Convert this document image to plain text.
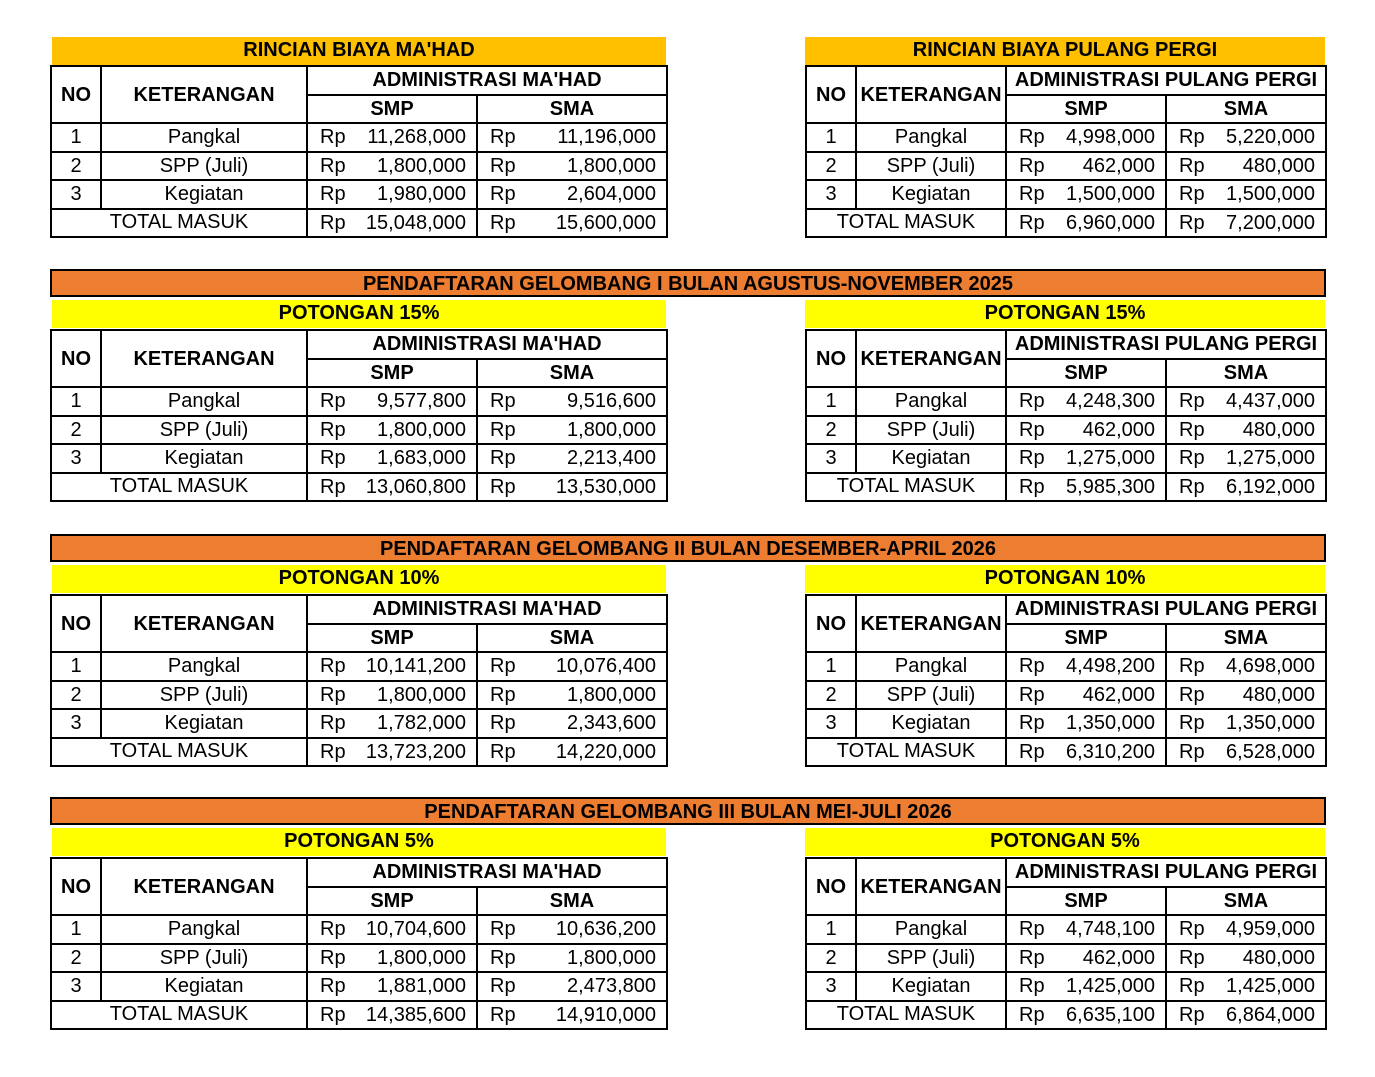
RINCIAN BIAYA MA'HAD
NO	KETERANGAN	ADMINISTRASI MA'HAD			
		SMP		SMA	
1	Pangkal	Rp	11,268,000	Rp	11,196,000
2	SPP (Juli)	Rp	1,800,000	Rp	1,800,000
3	Kegiatan	Rp	1,980,000	Rp	2,604,000
TOTAL MASUK		Rp	15,048,000	Rp	15,600,000
RINCIAN BIAYA PULANG PERGI
NO	KETERANGAN	ADMINISTRASI PULANG PERGI			
		SMP		SMA	
1	Pangkal	Rp	4,998,000	Rp	5,220,000
2	SPP (Juli)	Rp	462,000	Rp	480,000
3	Kegiatan	Rp	1,500,000	Rp	1,500,000
TOTAL MASUK		Rp	6,960,000	Rp	7,200,000
PENDAFTARAN GELOMBANG I BULAN AGUSTUS-NOVEMBER 2025
POTONGAN 15%	POTONGAN 15%
NO	KETERANGAN	ADMINISTRASI MA'HAD			
		SMP		SMA	
1	Pangkal	Rp	9,577,800	Rp	9,516,600
2	SPP (Juli)	Rp	1,800,000	Rp	1,800,000
3	Kegiatan	Rp	1,683,000	Rp	2,213,400
TOTAL MASUK		Rp	13,060,800	Rp	13,530,000
NO	KETERANGAN	ADMINISTRASI PULANG PERGI			
		SMP		SMA	
1	Pangkal	Rp	4,248,300	Rp	4,437,000
2	SPP (Juli)	Rp	462,000	Rp	480,000
3	Kegiatan	Rp	1,275,000	Rp	1,275,000
TOTAL MASUK		Rp	5,985,300	Rp	6,192,000
PENDAFTARAN GELOMBANG II BULAN DESEMBER-APRIL 2026
POTONGAN 10%	POTONGAN 10%
NO	KETERANGAN	ADMINISTRASI MA'HAD			
		SMP		SMA	
1	Pangkal	Rp	10,141,200	Rp	10,076,400
2	SPP (Juli)	Rp	1,800,000	Rp	1,800,000
3	Kegiatan	Rp	1,782,000	Rp	2,343,600
TOTAL MASUK		Rp	13,723,200	Rp	14,220,000
NO	KETERANGAN	ADMINISTRASI PULANG PERGI			
		SMP		SMA	
1	Pangkal	Rp	4,498,200	Rp	4,698,000
2	SPP (Juli)	Rp	462,000	Rp	480,000
3	Kegiatan	Rp	1,350,000	Rp	1,350,000
TOTAL MASUK		Rp	6,310,200	Rp	6,528,000
PENDAFTARAN GELOMBANG III BULAN MEI-JULI 2026
POTONGAN 5%	POTONGAN 5%
NO	KETERANGAN	ADMINISTRASI MA'HAD			
		SMP		SMA	
1	Pangkal	Rp	10,704,600	Rp	10,636,200
2	SPP (Juli)	Rp	1,800,000	Rp	1,800,000
3	Kegiatan	Rp	1,881,000	Rp	2,473,800
TOTAL MASUK		Rp	14,385,600	Rp	14,910,000
NO	KETERANGAN	ADMINISTRASI PULANG PERGI			
		SMP		SMA	
1	Pangkal	Rp	4,748,100	Rp	4,959,000
2	SPP (Juli)	Rp	462,000	Rp	480,000
3	Kegiatan	Rp	1,425,000	Rp	1,425,000
TOTAL MASUK		Rp	6,635,100	Rp	6,864,000
